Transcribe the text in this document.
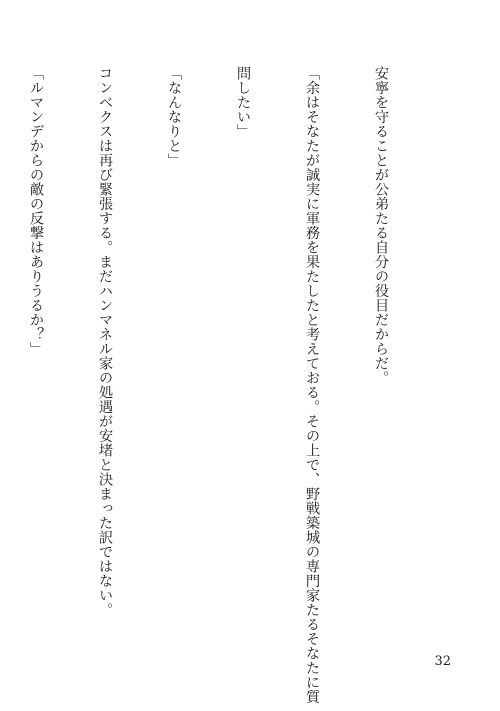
安寧を守ることが公弟たる自分の役目だからだ。

「余はそなたが誠実に軍務を果たしたと考えておる。その上で、野戦築城の専門家たるそなたに質

問したい」

「なんなりと」

コンベクスは再び緊張する。まだハンマネル家の処遇が安堵と決まった訳ではない。

「ルマンデからの敵の反撃はありうるか？」

32
